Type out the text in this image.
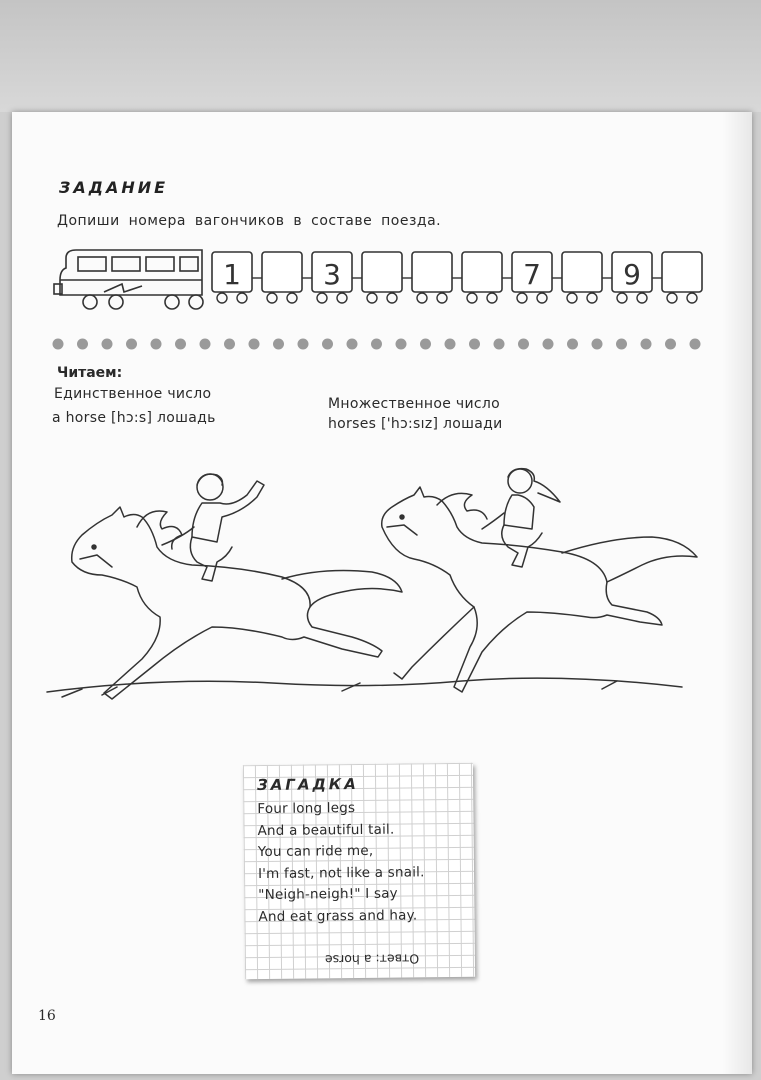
ЗАДАНИЕ
Допиши номера вагончиков в составе поезда.
1	3	7	9
Читаем:
Единственное число
a horse [hɔ:s] лошадь
Множественное число
horses ['hɔ:sız] лошади
ЗАГАДКА
Four long legs
And a beautiful tail.
You can ride me,
I'm fast, not like a snail.
"Neigh-neigh!" I say
And eat grass and hay.
Ответ: a horse
16
